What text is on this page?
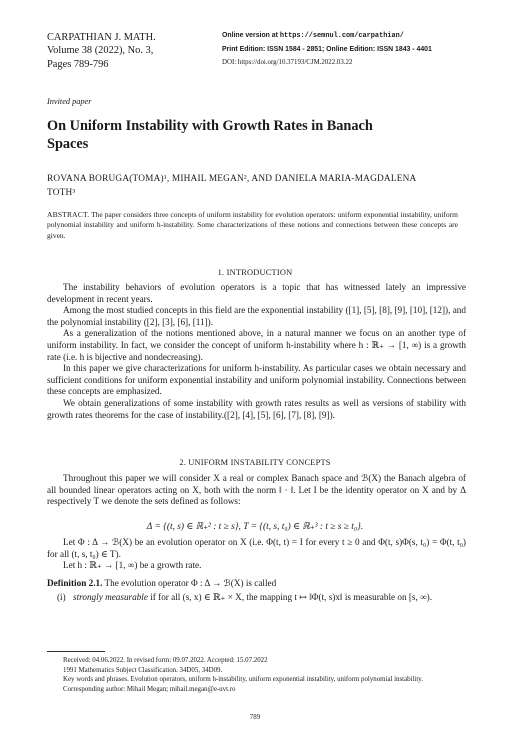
CARPATHIAN J. MATH.
Volume 38 (2022), No. 3,
Pages 789-796
Online version at https://semnul.com/carpathian/
Print Edition: ISSN 1584 - 2851; Online Edition: ISSN 1843 - 4401
DOI: https://doi.org/10.37193/CJM.2022.03.22
Invited paper
On Uniform Instability with Growth Rates in Banach
Spaces
ROVANA BORUGA(TOMA)¹, MIHAIL MEGAN², AND DANIELA MARIA-MAGDALENA
TOTH³
ABSTRACT. The paper considers three concepts of uniform instability for evolution operators: uniform exponential instability, uniform polynomial instability and uniform h-instability. Some characterizations of these notions and connections between these concepts are given.
1. INTRODUCTION

The instability behaviors of evolution operators is a topic that has witnessed lately an impressive development in recent years.

Among the most studied concepts in this field are the exponential instability ([1], [5], [8], [9], [10], [12]), and the polynomial instability ([2], [3], [6], [11]).

As a generalization of the notions mentioned above, in a natural manner we focus on an another type of uniform instability. In fact, we consider the concept of uniform h-instability where h : ℝ₊ → [1, ∞) is a growth rate (i.e. h is bijective and nondecreasing).

In this paper we give characterizations for uniform h-instability. As particular cases we obtain necessary and sufficient conditions for uniform exponential instability and uniform polynomial instability. Connections between these concepts are emphasized.

We obtain generalizations of some instability with growth rates results as well as versions of stability with growth rates theorems for the case of instability.([2], [4], [5], [6], [7], [8], [9]).

2. UNIFORM INSTABILITY CONCEPTS

Throughout this paper we will consider X a real or complex Banach space and ℬ(X) the Banach algebra of all bounded linear operators acting on X, both with the norm ‖ · ‖. Let I be the identity operator on X and by Δ respectively T we denote the sets defined as follows:

Δ = {(t, s) ∈ ℝ₊² : t ≥ s}, T = {(t, s, t₀) ∈ ℝ₊³ : t ≥ s ≥ t₀}.

Let Φ : Δ → ℬ(X) be an evolution operator on X (i.e. Φ(t, t) = I for every t ≥ 0 and Φ(t, s)Φ(s, t₀) = Φ(t, t₀) for all (t, s, t₀) ∈ T).

Let h : ℝ₊ → [1, ∞) be a growth rate.

Definition 2.1. The evolution operator Φ : Δ → ℬ(X) is called

(i) strongly measurable if for all (s, x) ∈ ℝ₊ × X, the mapping t ↦ ‖Φ(t, s)x‖ is measurable on [s, ∞).
Received: 04.06.2022. In revised form: 09.07.2022. Accepted: 15.07.2022
1991 Mathematics Subject Classification. 34D05, 34D09.
Key words and phrases. Evolution operators, uniform h-instability, uniform exponential instability, uniform polynomial instability.
Corresponding author: Mihail Megan; mihail.megan@e-uvt.ro
789
